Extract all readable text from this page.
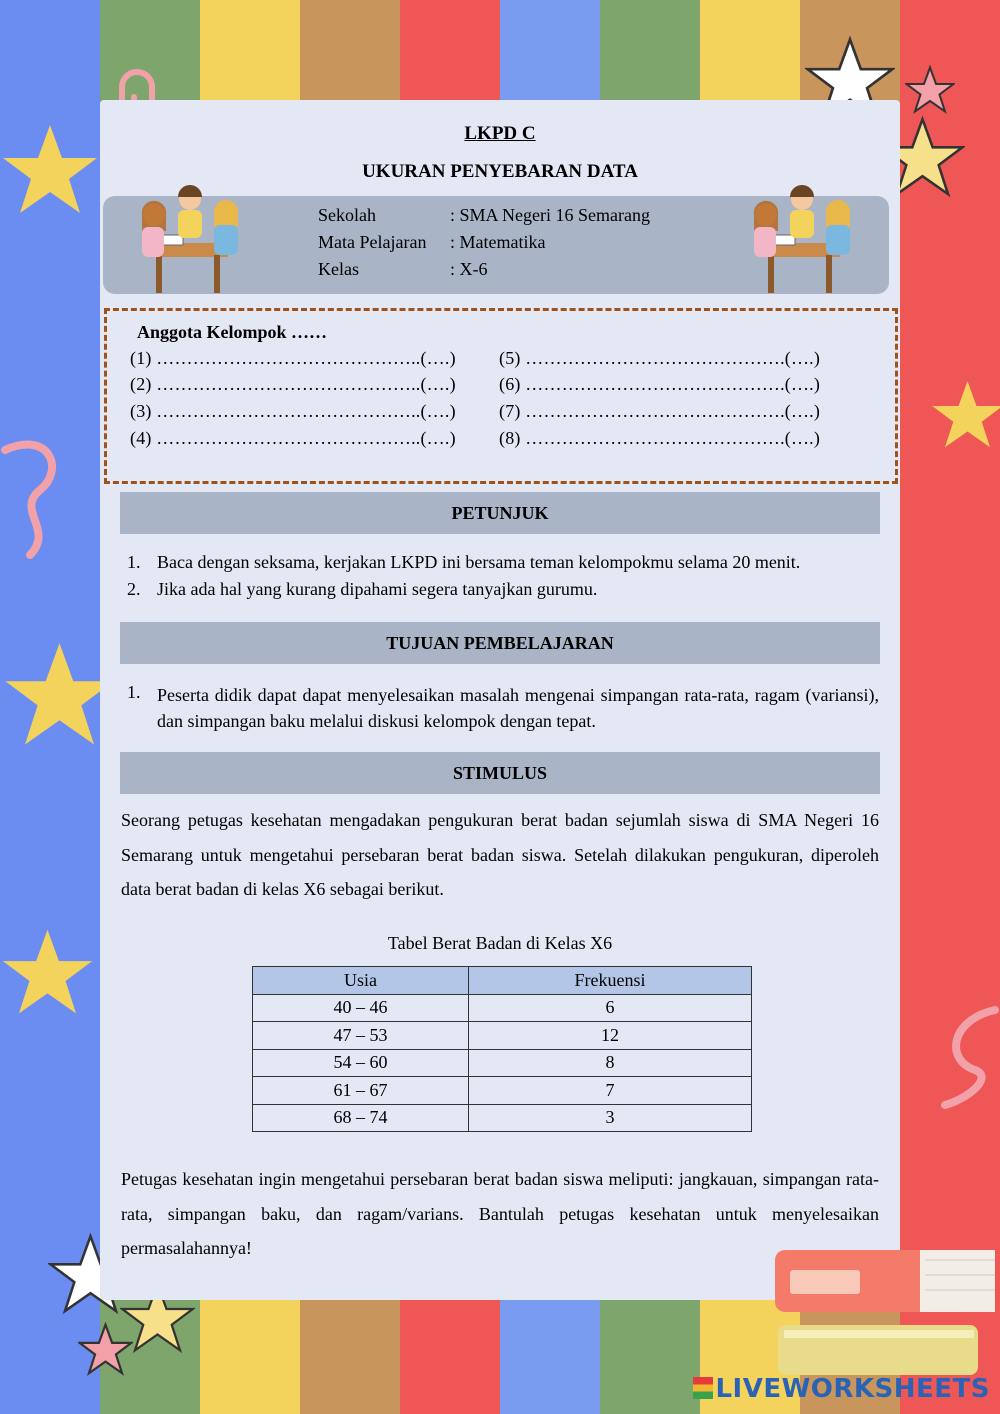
LKPD C
UKURAN PENYEBARAN DATA
Sekolah	: SMA Negeri 16 Semarang
Mata Pelajaran : Matematika
Kelas	: X-6
Anggota Kelompok ……
(1) ……………………………………..(….)
(2) ……………………………………..(….)
(3) ……………………………………..(….)
(4) ……………………………………..(….)
(5) …………………………………….(….)
(6) …………………………………….(….)
(7) …………………………………….(….)
(8) …………………………………….(….)
PETUNJUK
1. Baca dengan seksama, kerjakan LKPD ini bersama teman kelompokmu selama 20 menit.
2. Jika ada hal yang kurang dipahami segera tanyajkan gurumu.
TUJUAN PEMBELAJARAN
1. Peserta didik dapat dapat menyelesaikan masalah mengenai simpangan rata-rata, ragam (variansi), dan simpangan baku melalui diskusi kelompok dengan tepat.
STIMULUS
Seorang petugas kesehatan mengadakan pengukuran berat badan sejumlah siswa di SMA Negeri 16 Semarang untuk mengetahui persebaran berat badan siswa. Setelah dilakukan pengukuran, diperoleh data berat badan di kelas X6 sebagai berikut.
Tabel Berat Badan di Kelas X6
Usia	Frekuensi
40 – 46	6
47 – 53	12
54 – 60	8
61 – 67	7
68 – 74	3
Petugas kesehatan ingin mengetahui persebaran berat badan siswa meliputi: jangkauan, simpangan rata-rata, simpangan baku, dan ragam/varians. Bantulah petugas kesehatan untuk menyelesaikan permasalahannya!
LIVEWORKSHEETS
